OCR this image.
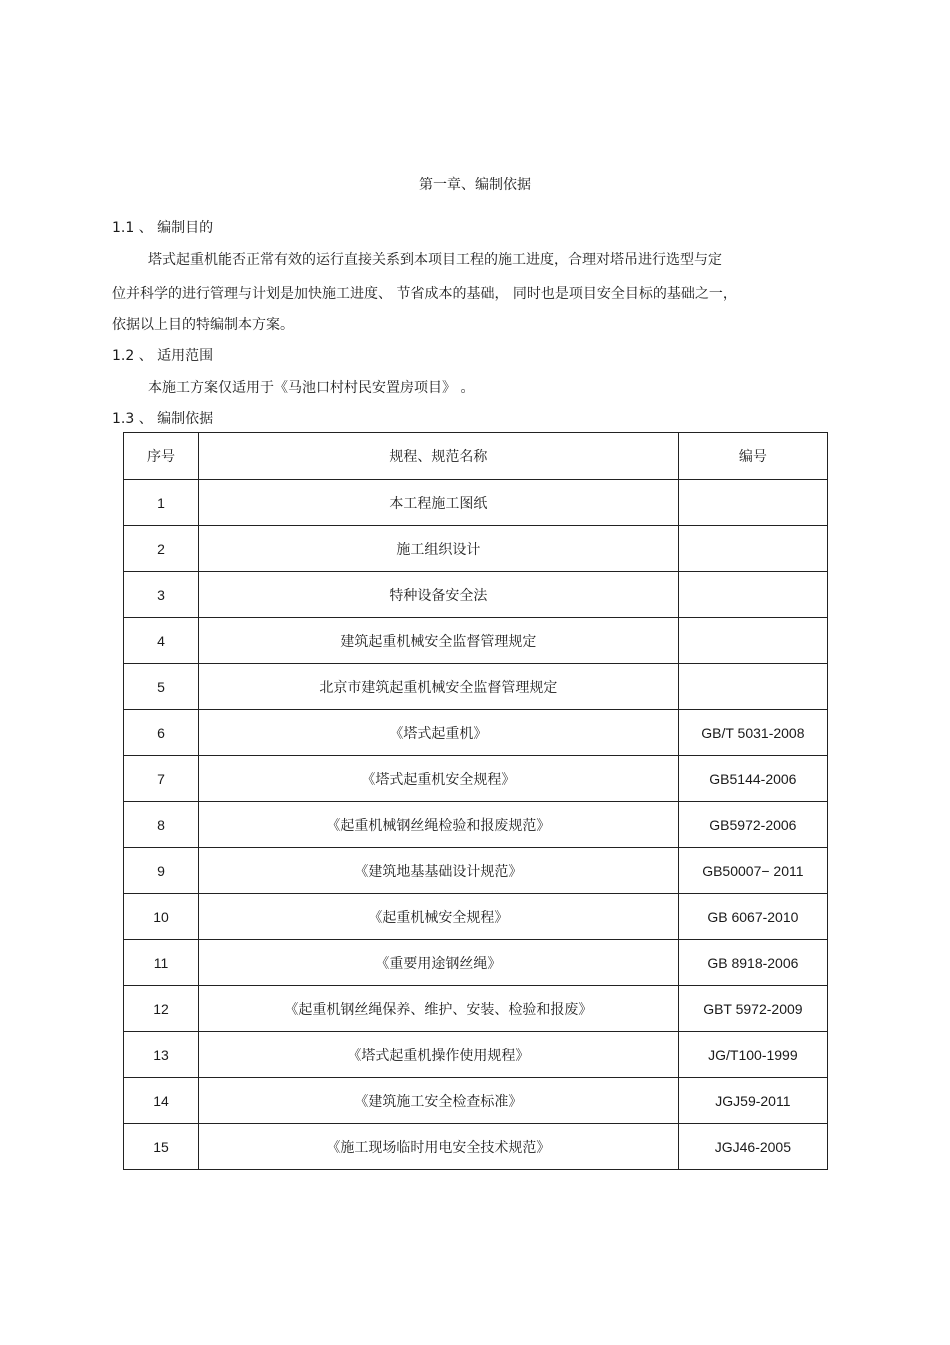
第一章、编制依据
1.1 、 编制目的
塔式起重机能否正常有效的运行直接关系到本项目工程的施工进度，合理对塔吊进行选型与定
位并科学的进行管理与计划是加快施工进度、 节省成本的基础， 同时也是项目安全目标的基础之一，
依据以上目的特编制本方案。
1.2 、 适用范围
本施工方案仅适用于《马池口村村民安置房项目》 。
1.3 、 编制依据
序号	规程、规范名称	编号
1	本工程施工图纸	
2	施工组织设计	
3	特种设备安全法	
4	建筑起重机械安全监督管理规定	
5	北京市建筑起重机械安全监督管理规定	
6	《塔式起重机》	GB/T 5031-2008
7	《塔式起重机安全规程》	GB5144-2006
8	《起重机械钢丝绳检验和报废规范》	GB5972-2006
9	《建筑地基基础设计规范》	GB50007− 2011
10	《起重机械安全规程》	GB 6067-2010
11	《重要用途钢丝绳》	GB 8918-2006
12	《起重机钢丝绳保养、维护、安装、检验和报废》	GBT 5972-2009
13	《塔式起重机操作使用规程》	JG/T100-1999
14	《建筑施工安全检查标准》	JGJ59-2011
15	《施工现场临时用电安全技术规范》	JGJ46-2005
